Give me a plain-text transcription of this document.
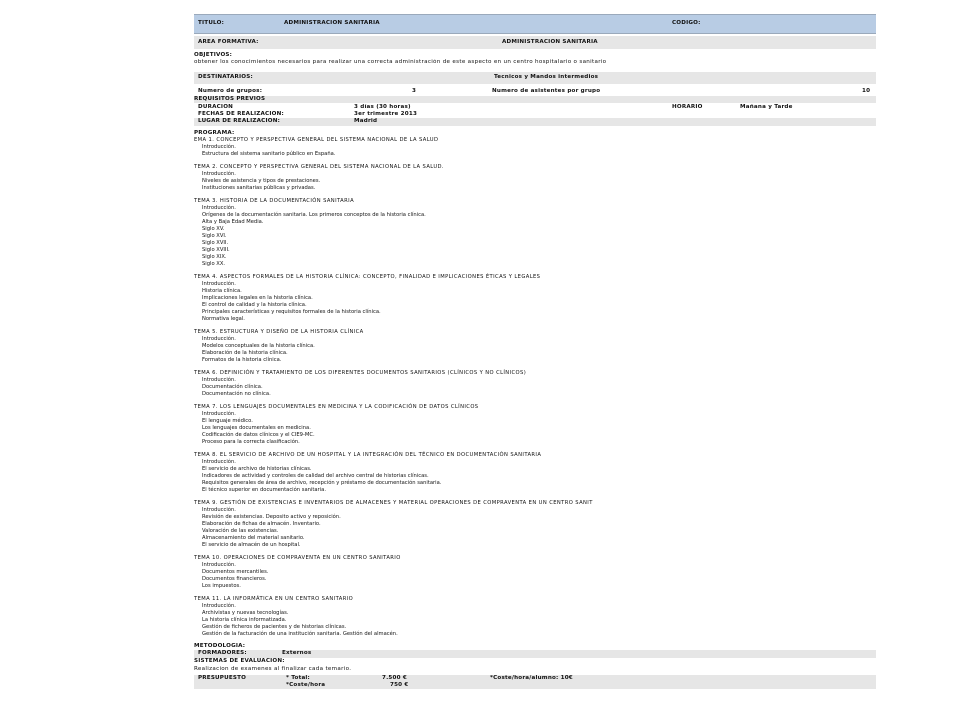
TITULO:	ADMINISTRACION SANITARIA	CODIGO:
AREA FORMATIVA:	ADMINISTRACION SANITARIA
OBJETIVOS:
obtener los conocimientos necesarios para realizar una correcta administración de este aspecto en un centro hospitalario o sanitario
DESTINATARIOS:	Tecnicos y Mandos intermedios
Numero de grupos:	3	Numero de asistentes por grupo	10
REQUISITOS PREVIOS
DURACION	3 días (30 horas)	HORARIO	Mañana y Tarde
FECHAS DE REALIZACION:	3er trimestre 2013
LUGAR DE REALIZACION:	Madrid
PROGRAMA:
EMA 1. CONCEPTO Y PERSPECTIVA GENERAL DEL SISTEMA NACIONAL DE LA SALUD
Introducción.
Estructura del sistema sanitario público en España.
TEMA 2. CONCEPTO Y PERSPECTIVA GENERAL DEL SISTEMA NACIONAL DE LA SALUD.
Introducción.
Niveles de asistencia y tipos de prestaciones.
Instituciones sanitarias públicas y privadas.
TEMA 3. HISTORIA DE LA DOCUMENTACIÓN SANITARIA
Introducción.
Orígenes de la documentación sanitaria. Los primeros conceptos de la historia clínica.
Alta y Baja Edad Media.
Siglo XV.
Siglo XVI.
Siglo XVII.
Siglo XVIII.
Siglo XIX.
Siglo XX.
TEMA 4. ASPECTOS FORMALES DE LA HISTORIA CLÍNICA: CONCEPTO, FINALIDAD E IMPLICACIONES ÉTICAS Y LEGALES
Introducción.
Historia clínica.
Implicaciones legales en la historia clínica.
El control de calidad y la historia clínica.
Principales características y requisitos formales de la historia clínica.
Normativa legal.
TEMA 5. ESTRUCTURA Y DISEÑO DE LA HISTORIA CLÍNICA
Introducción.
Modelos conceptuales de la historia clínica.
Elaboración de la historia clínica.
Formatos de la historia clínica.
TEMA 6. DEFINICIÓN Y TRATAMIENTO DE LOS DIFERENTES DOCUMENTOS SANITARIOS (CLÍNICOS Y NO CLÍNICOS)
Introducción.
Documentación clínica.
Documentación no clínica.
TEMA 7. LOS LENGUAJES DOCUMENTALES EN MEDICINA Y LA CODIFICACIÓN DE DATOS CLÍNICOS
Introducción.
El lenguaje médico.
Los lenguajes documentales en medicina.
Codificación de datos clínicos y el CIE9-MC.
Proceso para la correcta clasificación.
TEMA 8. EL SERVICIO DE ARCHIVO DE UN HOSPITAL Y LA INTEGRACIÓN DEL TÉCNICO EN DOCUMENTACIÓN SANITARIA
Introducción.
El servicio de archivo de historias clínicas.
Indicadores de actividad y controles de calidad del archivo central de historias clínicas.
Requisitos generales de área de archivo, recepción y préstamo de documentación sanitaria.
El técnico superior en documentación sanitaria.
TEMA 9. GESTIÓN DE EXISTENCIAS E INVENTARIOS DE ALMACENES Y MATERIAL OPERACIONES DE COMPRAVENTA EN UN CENTRO SANIT
Introducción.
Revisión de existencias. Deposito activo y reposición.
Elaboración de fichas de almacén. Inventario.
Valoración de las existencias.
Almacenamiento del material sanitario.
El servicio de almacén de un hospital.
TEMA 10. OPERACIONES DE COMPRAVENTA EN UN CENTRO SANITARIO
Introducción.
Documentos mercantiles.
Documentos financieros.
Los impuestos.
TEMA 11. LA INFORMÁTICA EN UN CENTRO SANITARIO
Introducción.
Archivistas y nuevas tecnologías.
La historia clínica informatizada.
Gestión de ficheros de pacientes y de historias clínicas.
Gestión de la facturación de una institución sanitaria. Gestión del almacén.
METODOLOGIA:
FORMADORES:	Externos
SISTEMAS DE EVALUACION:
Realizacion de examenes al finalizar cada temario.
PRESUPUESTO	* Total:	7.500 €	*Coste/hora/alumno: 10€
*Coste/hora	750 €
